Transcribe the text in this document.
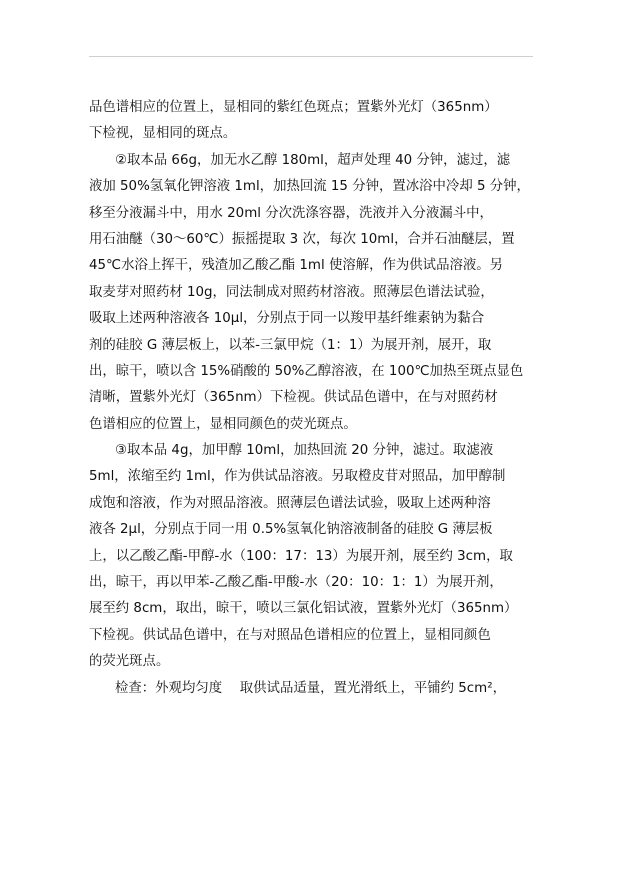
品色谱相应的位置上，显相同的紫红色斑点；置紫外光灯（365nm）
下检视，显相同的斑点。
②取本品 66g，加无水乙醇 180ml，超声处理 40 分钟，滤过，滤
液加 50%氢氧化钾溶液 1ml，加热回流 15 分钟，置冰浴中冷却 5 分钟，
移至分液漏斗中，用水 20ml 分次洗涤容器，洗液并入分液漏斗中，
用石油醚（30～60℃）振摇提取 3 次，每次 10ml，合并石油醚层，置
45℃水浴上挥干，残渣加乙酸乙酯 1ml 使溶解，作为供试品溶液。另
取麦芽对照药材 10g，同法制成对照药材溶液。照薄层色谱法试验，
吸取上述两种溶液各 10μl，分别点于同一以羧甲基纤维素钠为黏合
剂的硅胶 G 薄层板上，以苯-三氯甲烷（1：1）为展开剂，展开，取
出，晾干，喷以含 15%硝酸的 50%乙醇溶液，在 100℃加热至斑点显色
清晰，置紫外光灯（365nm）下检视。供试品色谱中，在与对照药材
色谱相应的位置上，显相同颜色的荧光斑点。
③取本品 4g，加甲醇 10ml，加热回流 20 分钟，滤过。取滤液
5ml，浓缩至约 1ml，作为供试品溶液。另取橙皮苷对照品，加甲醇制
成饱和溶液，作为对照品溶液。照薄层色谱法试验，吸取上述两种溶
液各 2μl，分别点于同一用 0.5%氢氧化钠溶液制备的硅胶 G 薄层板
上，以乙酸乙酯-甲醇-水（100：17：13）为展开剂，展至约 3cm，取
出，晾干，再以甲苯-乙酸乙酯-甲酸-水（20：10：1：1）为展开剂，
展至约 8cm，取出，晾干，喷以三氯化铝试液，置紫外光灯（365nm）
下检视。供试品色谱中，在与对照品色谱相应的位置上，显相同颜色
的荧光斑点。
检查：外观均匀度　 取供试品适量，置光滑纸上，平铺约 5cm²，
